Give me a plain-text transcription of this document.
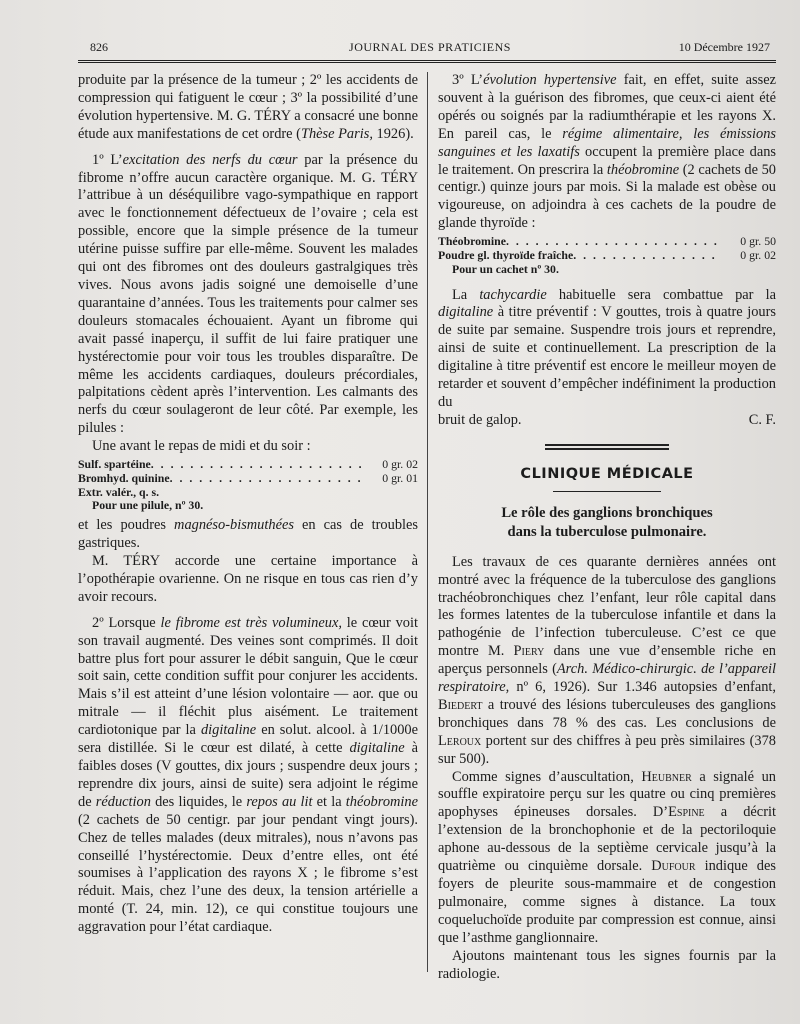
826	JOURNAL DES PRATICIENS	10 Décembre 1927

produite par la présence de la tumeur ; 2º les accidents de compression qui fatiguent le cœur ; 3º la possibilité d’une évolution hypertensive. M. G. TÉRY a consacré une bonne étude aux manifestations de cet ordre (Thèse Paris, 1926).

1º L’excitation des nerfs du cœur par la présence du fibrome n’offre aucun caractère organique. M. G. TÉRY l’attribue à un déséquilibre vago-sympathique en rapport avec le fonctionnement défectueux de l’ovaire ; cela est possible, encore que la simple présence de la tumeur utérine puisse suffire par elle-même. Souvent les malades qui ont des fibromes ont des douleurs gastralgiques très vives. Nous avons jadis soigné une demoiselle d’une quarantaine d’années. Tous les traitements pour calmer ses douleurs stomacales échouaient. Ayant un fibrome qui avait passé inaperçu, il suffit de lui faire pratiquer une hystérectomie pour voir tous les troubles disparaître. De même les accidents cardiaques, douleurs précordiales, palpitations cèdent après l’intervention. Les calmants des nerfs du cœur soulageront de leur côté. Par exemple, les pilules :

Une avant le repas de midi et du soir :

Sulf. spartéine . . .	0 gr. 02
Bromhyd. quinine . . .	0 gr. 01
Extr. valér., q. s.
Pour une pilule, nº 30.

et les poudres magnéso-bismuthées en cas de troubles gastriques.

M. TÉRY accorde une certaine importance à l’opothérapie ovarienne. On ne risque en tous cas rien d’y avoir recours.

2º Lorsque le fibrome est très volumineux, le cœur voit son travail augmenté. Des veines sont comprimés. Il doit battre plus fort pour assurer le débit sanguin, Que le cœur soit sain, cette condition suffit pour conjurer les accidents. Mais s’il est atteint d’une lésion volontaire — aor. que ou mitrale — il fléchit plus aisément. Le traitement cardiotonique par la digitaline en solut. alcool. à 1/1000e sera distillée. Si le cœur est dilaté, à cette digitaline à faibles doses (V gouttes, dix jours ; suspendre deux jours ; reprendre dix jours, ainsi de suite) sera adjoint le régime de réduction des liquides, le repos au lit et la théobromine (2 cachets de 50 centigr. par jour pendant vingt jours). Chez de telles malades (deux mitrales), nous n’avons pas conseillé l’hystérectomie. Deux d’entre elles, ont été soumises à l’application des rayons X ; le fibrome s’est réduit. Mais, chez l’une des deux, la tension artérielle a monté (T. 24, min. 12), ce qui constitue toujours une aggravation pour l’état cardiaque.

3º L’évolution hypertensive fait, en effet, suite assez souvent à la guérison des fibromes, que ceux-ci aient été opérés ou soignés par la radiumthérapie et les rayons X. En pareil cas, le régime alimentaire, les émissions sanguines et les laxatifs occupent la première place dans le traitement. On prescrira la théobromine (2 cachets de 50 centigr.) quinze jours par mois. Si la malade est obèse ou vigoureuse, on adjoindra à ces cachets de la poudre de glande thyroïde :

Théobromine . . .	0 gr. 50
Poudre gl. thyroïde fraîche . . .	0 gr. 02
Pour un cachet nº 30.

La tachycardie habituelle sera combattue par la digitaline à titre préventif : V gouttes, trois à quatre jours de suite par semaine. Suspendre trois jours et reprendre, ainsi de suite et continuellement. La prescription de la digitaline à titre préventif est encore le meilleur moyen de retarder et souvent d’empêcher indéfiniment la production du

bruit de galop.	C. F.
CLINIQUE MÉDICALE
Le rôle des ganglions bronchiques
dans la tuberculose pulmonaire.

Les travaux de ces quarante dernières années ont montré avec la fréquence de la tuberculose des ganglions trachéobronchiques chez l’enfant, leur rôle capital dans les formes latentes de la tuberculose infantile et dans la pathogénie de l’infection tuberculeuse. C’est ce que montre M. Piery dans une vue d’ensemble riche en aperçus personnels (Arch. Médico-chirurgic. de l’appareil respiratoire, nº 6, 1926). Sur 1.346 autopsies d’enfant, Biedert a trouvé des lésions tuberculeuses des ganglions bronchiques dans 78 % des cas. Les conclusions de Leroux portent sur des chiffres à peu près similaires (378 sur 500).

Comme signes d’auscultation, Heubner a signalé un souffle expiratoire perçu sur les quatre ou cinq premières apophyses épineuses dorsales. D’Espine a décrit l’extension de la bronchophonie et de la pectoriloquie aphone au-dessous de la septième cervicale jusqu’à la quatrième ou cinquième dorsale. Dufour indique des foyers de pleurite sous-mammaire et de congestion pulmonaire, comme signes à distance. La toux coqueluchoïde produite par compression est connue, ainsi que l’asthme ganglionnaire.

Ajoutons maintenant tous les signes fournis par la radiologie.
